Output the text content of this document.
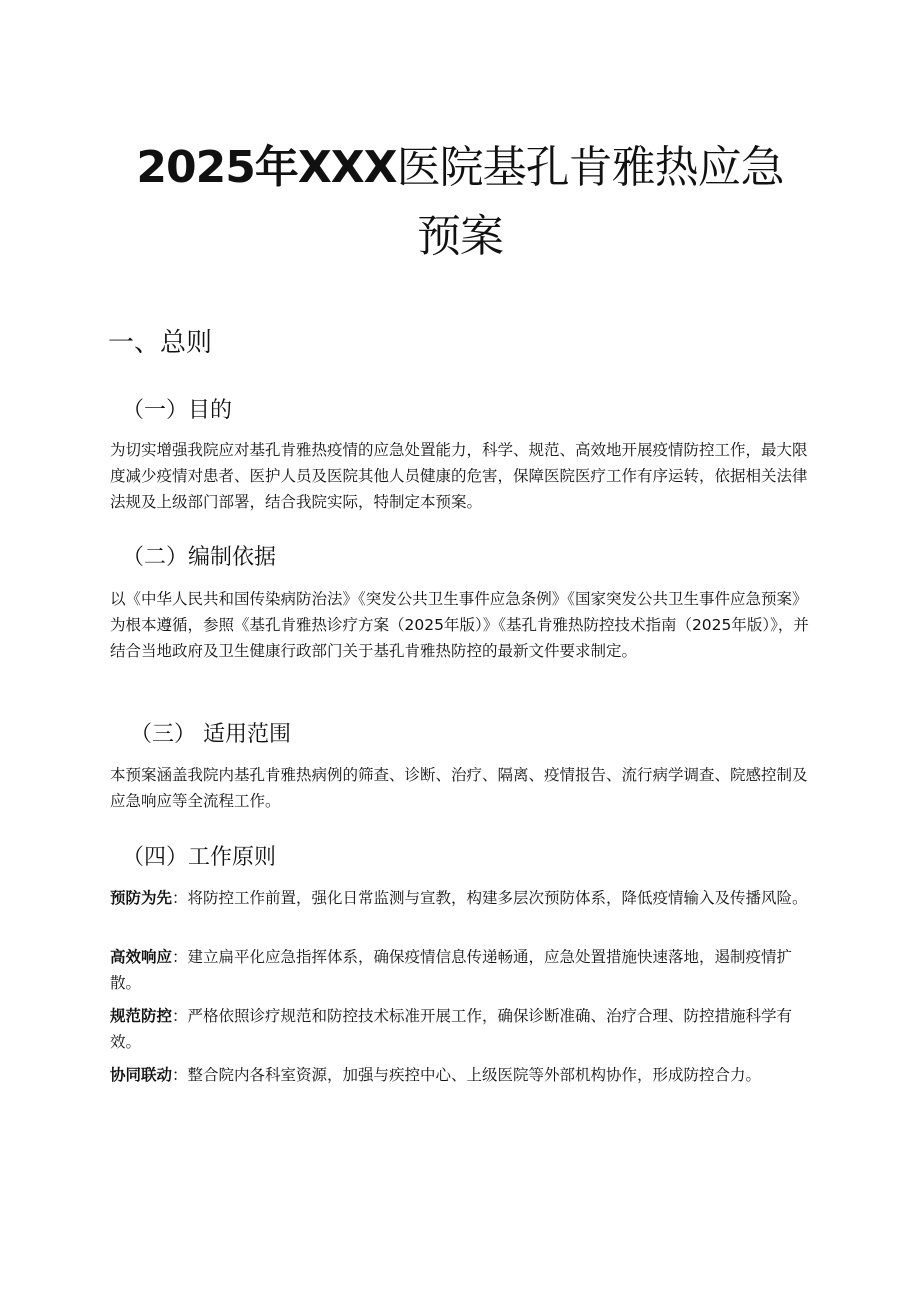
2025年XXX医院基孔肯雅热应急
预案
一、总则
（一）目的

为切实增强我院应对基孔肯雅热疫情的应急处置能力，科学、规范、高效地开展疫情防控工作，最大限度减少疫情对患者、医护人员及医院其他人员健康的危害，保障医院医疗工作有序运转，依据相关法律法规及上级部门部署，结合我院实际，特制定本预案。

（二）编制依据

以《中华人民共和国传染病防治法》《突发公共卫生事件应急条例》《国家突发公共卫生事件应急预案》为根本遵循，参照《基孔肯雅热诊疗方案（2025年版）》《基孔肯雅热防控技术指南（2025年版）》，并结合当地政府及卫生健康行政部门关于基孔肯雅热防控的最新文件要求制定。

（三） 适用范围

本预案涵盖我院内基孔肯雅热病例的筛查、诊断、治疗、隔离、疫情报告、流行病学调查、院感控制及应急响应等全流程工作。

（四）工作原则

预防为先：将防控工作前置，强化日常监测与宣教，构建多层次预防体系，降低疫情输入及传播风险。

高效响应：建立扁平化应急指挥体系，确保疫情信息传递畅通，应急处置措施快速落地，遏制疫情扩散。

规范防控：严格依照诊疗规范和防控技术标准开展工作，确保诊断准确、治疗合理、防控措施科学有效。

协同联动：整合院内各科室资源，加强与疾控中心、上级医院等外部机构协作，形成防控合力。
